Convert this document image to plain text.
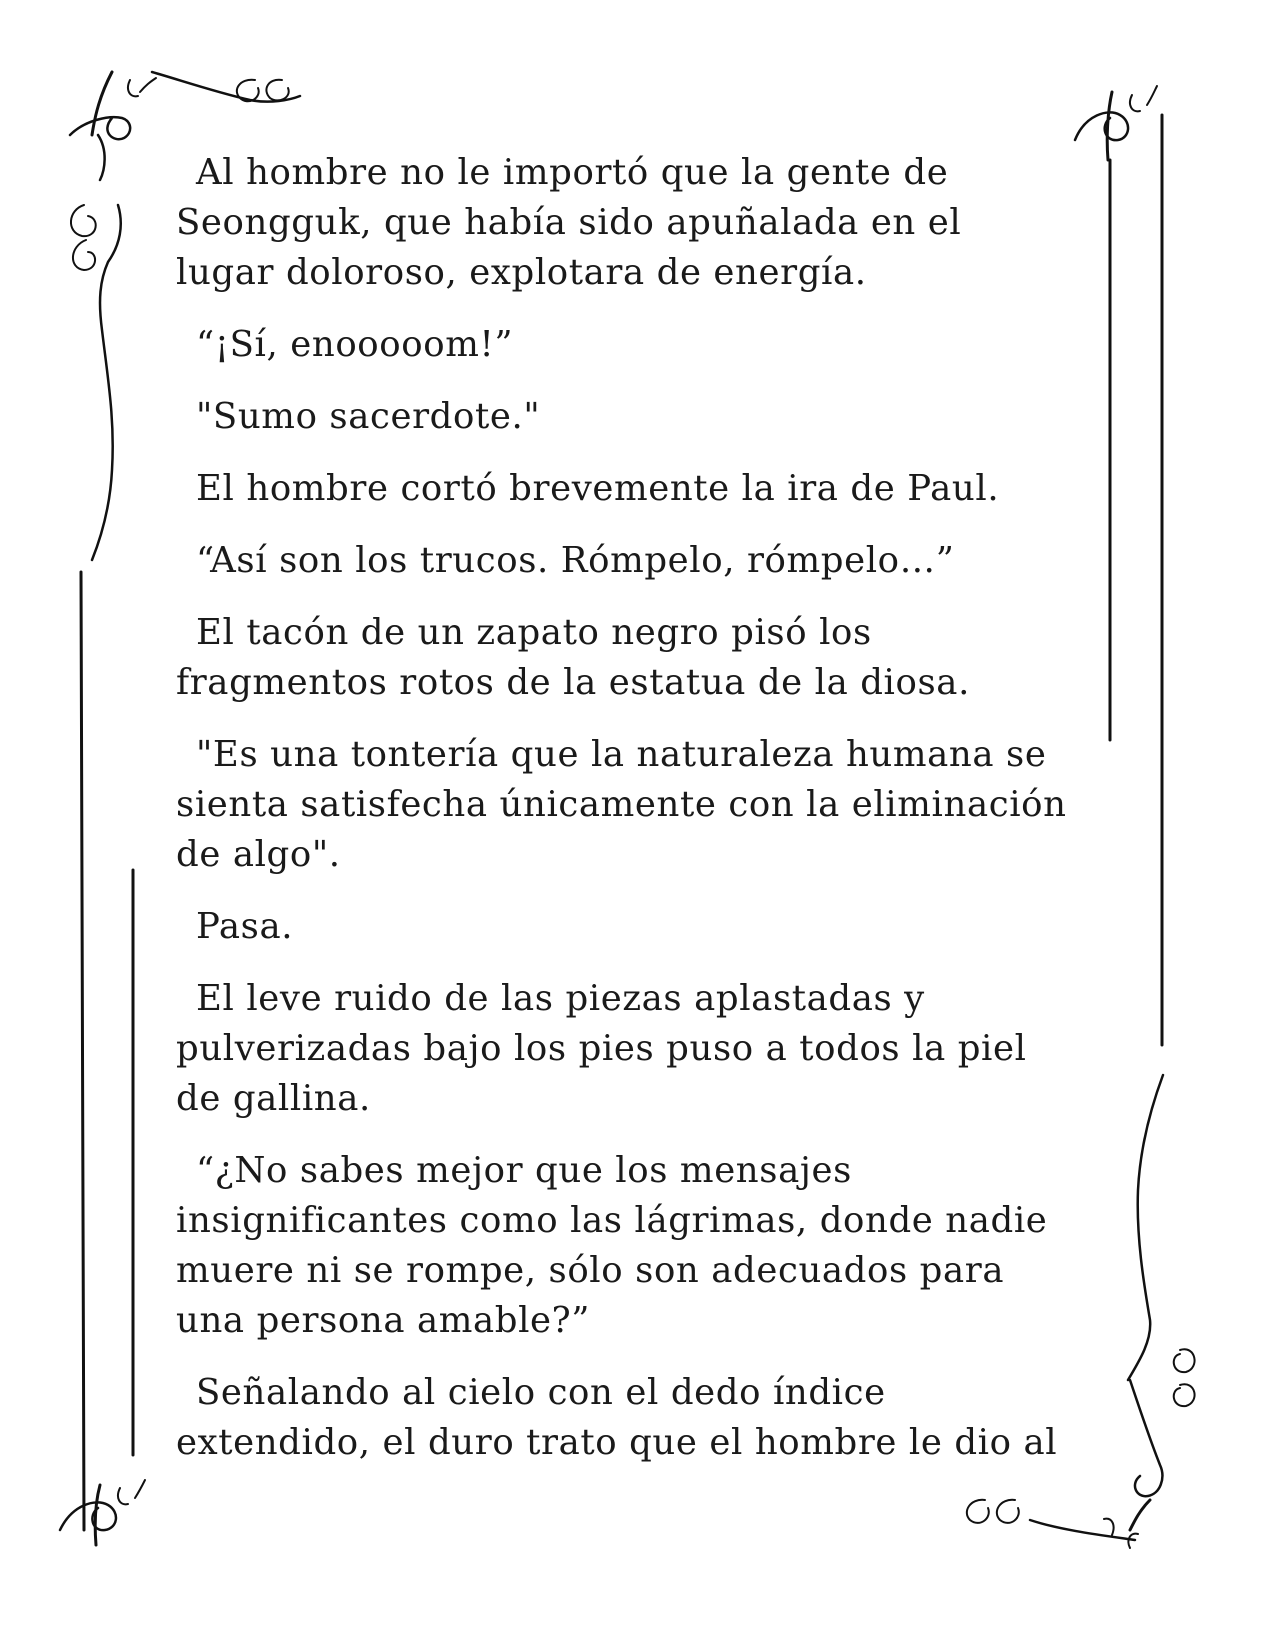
Al hombre no le importó que la gente de

Seongguk, que había sido apuñalada en el

lugar doloroso, explotara de energía.

“¡Sí, enooooom!”

"Sumo sacerdote."

El hombre cortó brevemente la ira de Paul.

“Así son los trucos. Rómpelo, rómpelo…”

El tacón de un zapato negro pisó los

fragmentos rotos de la estatua de la diosa.

"Es una tontería que la naturaleza humana se

sienta satisfecha únicamente con la eliminación

de algo".

Pasa.

El leve ruido de las piezas aplastadas y

pulverizadas bajo los pies puso a todos la piel

de gallina.

“¿No sabes mejor que los mensajes

insignificantes como las lágrimas, donde nadie

muere ni se rompe, sólo son adecuados para

una persona amable?”

Señalando al cielo con el dedo índice

extendido, el duro trato que el hombre le dio al
